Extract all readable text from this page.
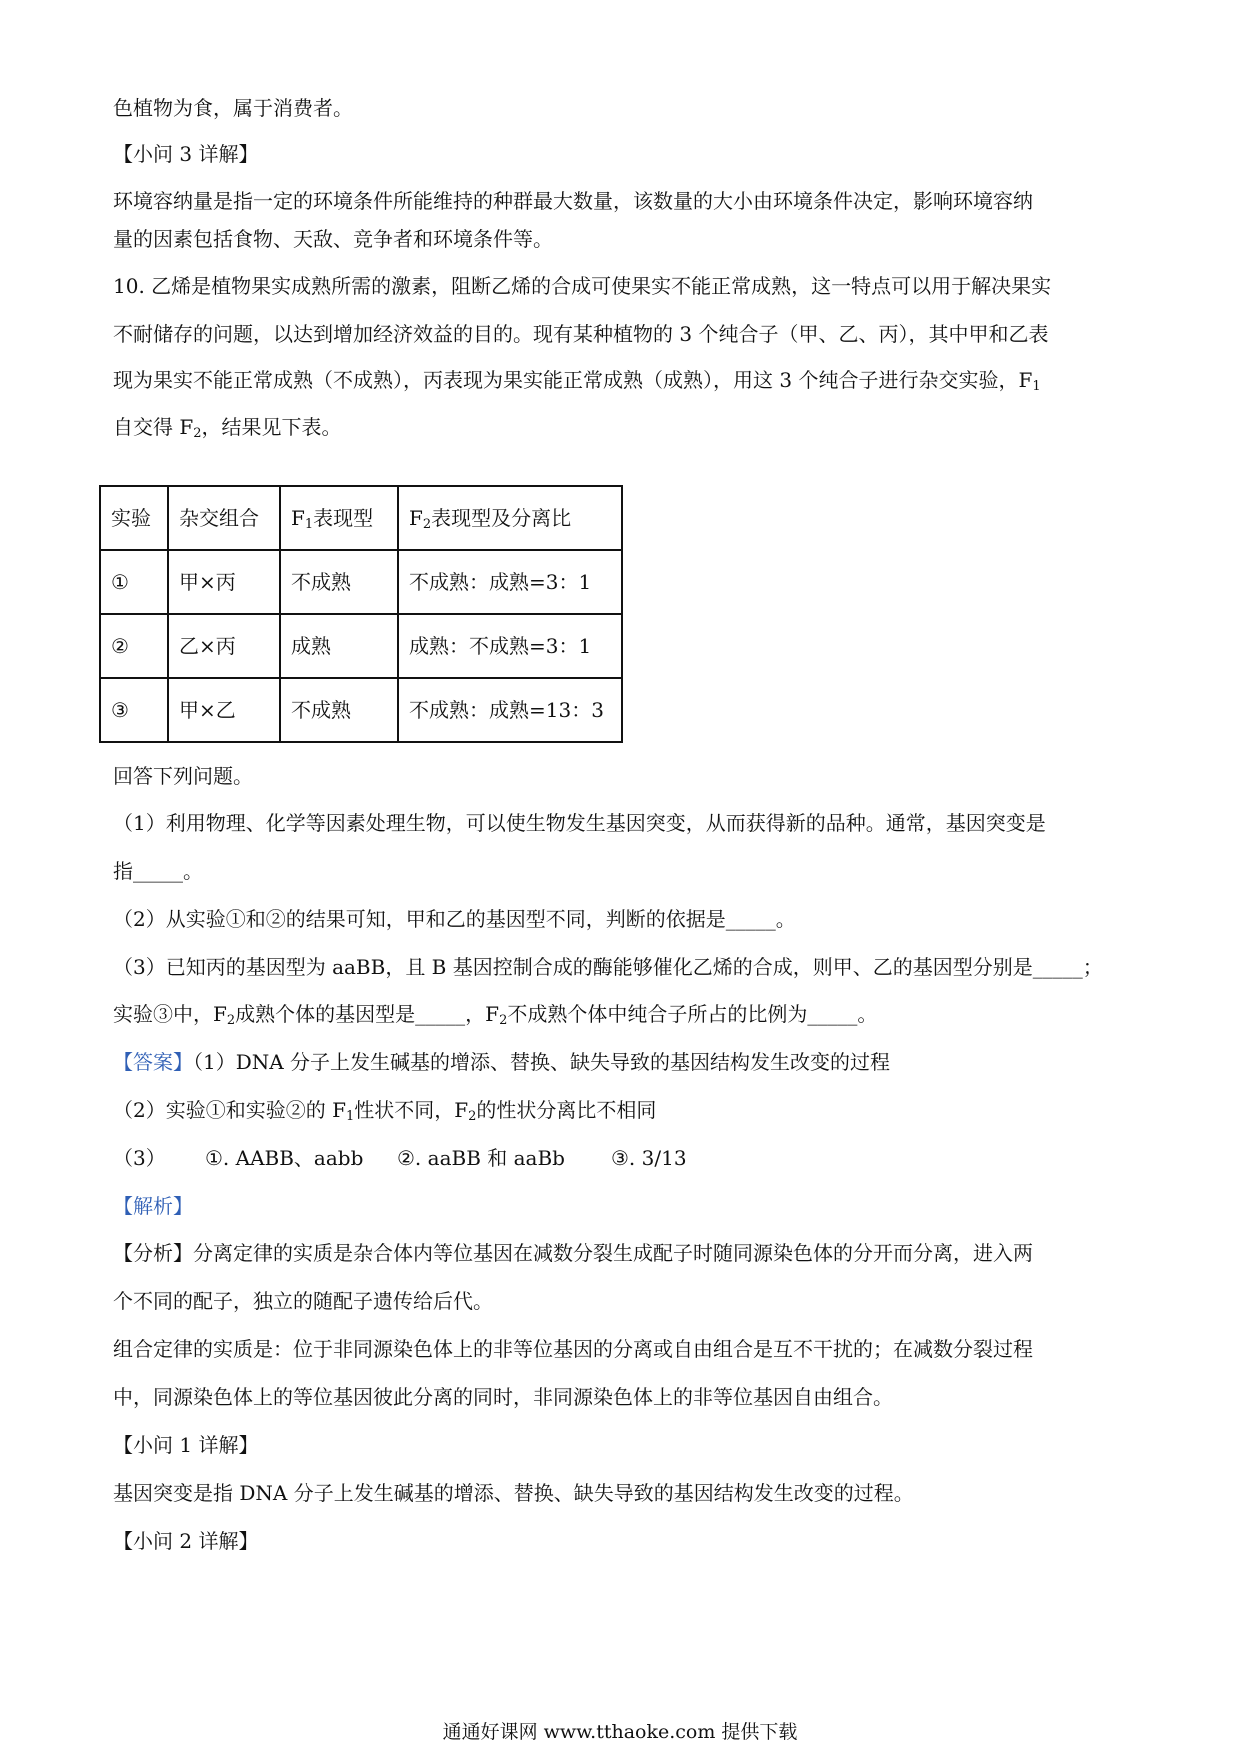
色植物为食，属于消费者。

【小问 3 详解】

环境容纳量是指一定的环境条件所能维持的种群最大数量，该数量的大小由环境条件决定，影响环境容纳

量的因素包括食物、天敌、竞争者和环境条件等。

10. 乙烯是植物果实成熟所需的激素，阻断乙烯的合成可使果实不能正常成熟，这一特点可以用于解决果实

不耐储存的问题，以达到增加经济效益的目的。现有某种植物的 3 个纯合子（甲、乙、丙），其中甲和乙表

现为果实不能正常成熟（不成熟），丙表现为果实能正常成熟（成熟），用这 3 个纯合子进行杂交实验，$F_1$

自交得 $F_2$，结果见下表。

实验	杂交组合	$F_1$表现型	$F_2$表现型及分离比
①	甲×丙	不成熟	不成熟：成熟=3：1
②	乙×丙	成熟	成熟：不成熟=3：1
③	甲×乙	不成熟	不成熟：成熟=13：3

回答下列问题。

（1）利用物理、化学等因素处理生物，可以使生物发生基因突变，从而获得新的品种。通常，基因突变是

指_____。

（2）从实验①和②的结果可知，甲和乙的基因型不同，判断的依据是_____。

（3）已知丙的基因型为 aaBB，且 B 基因控制合成的酶能够催化乙烯的合成，则甲、乙的基因型分别是_____；

实验③中，$F_2$成熟个体的基因型是_____，$F_2$不成熟个体中纯合子所占的比例为_____。

【答案】（1）DNA 分子上发生碱基的增添、替换、缺失导致的基因结构发生改变的过程

（2）实验①和实验②的 $F_1$性状不同，$F_2$的性状分离比不相同

（3） ①. AABB、aabb ②. aaBB 和 aaBb ③. 3/13

【解析】

【分析】分离定律的实质是杂合体内等位基因在减数分裂生成配子时随同源染色体的分开而分离，进入两

个不同的配子，独立的随配子遗传给后代。

组合定律的实质是：位于非同源染色体上的非等位基因的分离或自由组合是互不干扰的；在减数分裂过程

中，同源染色体上的等位基因彼此分离的同时，非同源染色体上的非等位基因自由组合。

【小问 1 详解】

基因突变是指 DNA 分子上发生碱基的增添、替换、缺失导致的基因结构发生改变的过程。

【小问 2 详解】

通通好课网 www.tthaoke.com 提供下载
